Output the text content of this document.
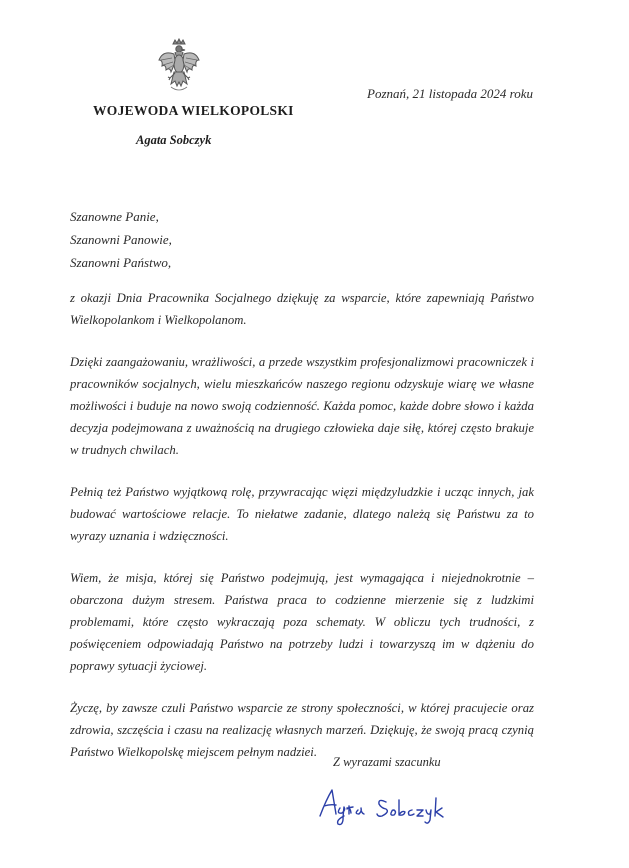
WOJEWODA WIELKOPOLSKI
Agata Sobczyk
Poznań, 21 listopada 2024 roku
Szanowne Panie,
Szanowni Panowie,
Szanowni Państwo,

z okazji Dnia Pracownika Socjalnego dziękuję za wsparcie, które zapewniają Państwo Wielkopolankom i Wielkopolanom.

Dzięki zaangażowaniu, wrażliwości, a przede wszystkim profesjonalizmowi pracowniczek i pracowników socjalnych, wielu mieszkańców naszego regionu odzyskuje wiarę we własne możliwości i buduje na nowo swoją codzienność. Każda pomoc, każde dobre słowo i każda decyzja podejmowana z uważnością na drugiego człowieka daje siłę, której często brakuje w trudnych chwilach.

Pełnią też Państwo wyjątkową rolę, przywracając więzi międzyludzkie i ucząc innych, jak budować wartościowe relacje. To niełatwe zadanie, dlatego należą się Państwu za to wyrazy uznania i wdzięczności.

Wiem, że misja, której się Państwo podejmują, jest wymagająca i niejednokrotnie – obarczona dużym stresem. Państwa praca to codzienne mierzenie się z ludzkimi problemami, które często wykraczają poza schematy. W obliczu tych trudności, z poświęceniem odpowiadają Państwo na potrzeby ludzi i towarzyszą im w dążeniu do poprawy sytuacji życiowej.

Życzę, by zawsze czuli Państwo wsparcie ze strony społeczności, w której pracujecie oraz zdrowia, szczęścia i czasu na realizację własnych marzeń. Dziękuję, że swoją pracą czynią Państwo Wielkopolskę miejscem pełnym nadziei.

Z wyrazami szacunku
